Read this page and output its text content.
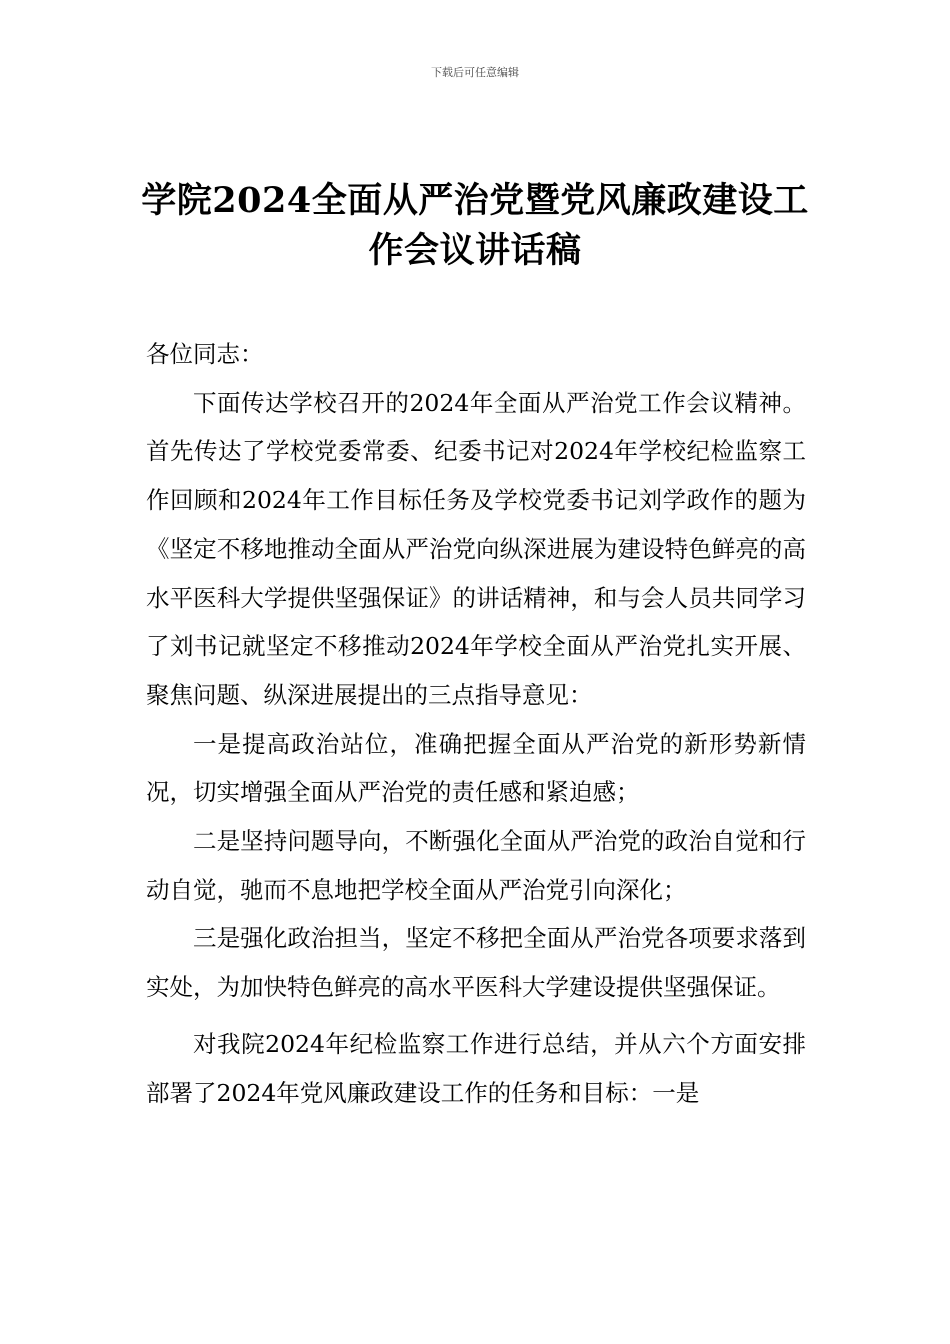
下载后可任意编辑
学院2024全面从严治党暨党风廉政建设工作会议讲话稿

各位同志：

下面传达学校召开的2024年全面从严治党工作会议精神。首先传达了学校党委常委、纪委书记对2024年学校纪检监察工作回顾和2024年工作目标任务及学校党委书记刘学政作的题为《坚定不移地推动全面从严治党向纵深进展为建设特色鲜亮的高水平医科大学提供坚强保证》的讲话精神，和与会人员共同学习了刘书记就坚定不移推动2024年学校全面从严治党扎实开展、聚焦问题、纵深进展提出的三点指导意见：

一是提高政治站位，准确把握全面从严治党的新形势新情况，切实增强全面从严治党的责任感和紧迫感；

二是坚持问题导向，不断强化全面从严治党的政治自觉和行动自觉，驰而不息地把学校全面从严治党引向深化；

三是强化政治担当，坚定不移把全面从严治党各项要求落到实处，为加快特色鲜亮的高水平医科大学建设提供坚强保证。

对我院2024年纪检监察工作进行总结，并从六个方面安排部署了2024年党风廉政建设工作的任务和目标：一是
